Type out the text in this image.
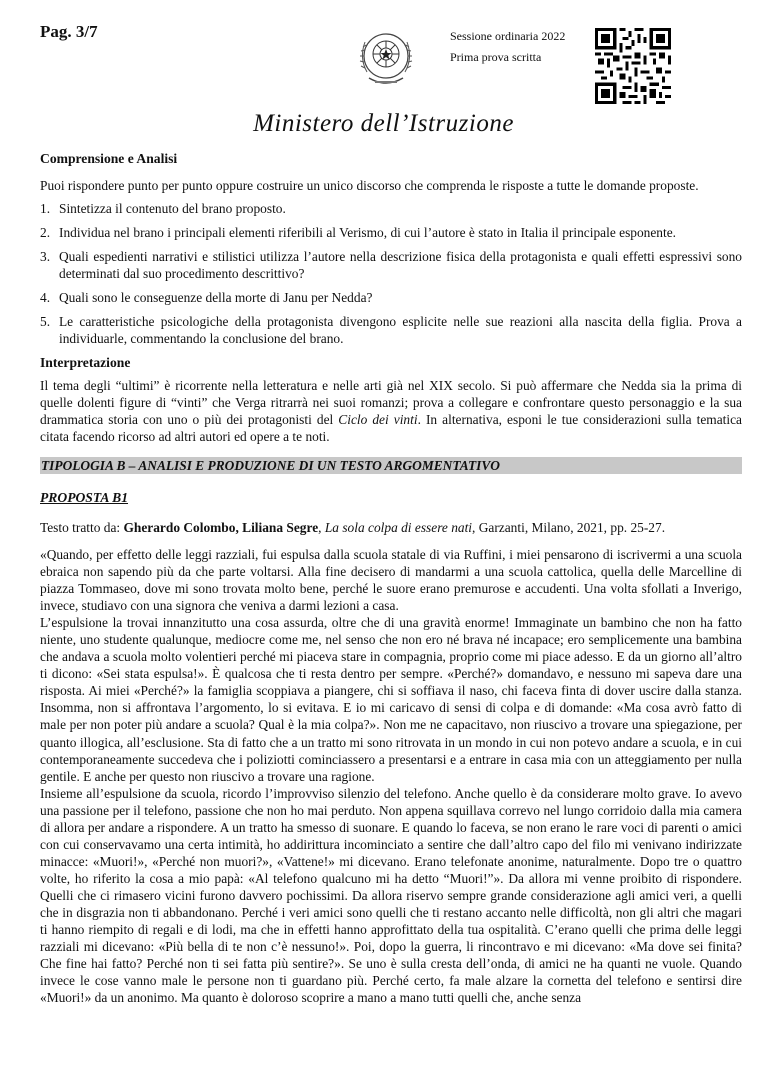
Pag. 3/7	Sessione ordinaria 2022
Prima prova scritta
Ministero dell’Istruzione
Comprensione e Analisi

Puoi rispondere punto per punto oppure costruire un unico discorso che comprenda le risposte a tutte le domande proposte.

1. Sintetizza il contenuto del brano proposto.
2. Individua nel brano i principali elementi riferibili al Verismo, di cui l’autore è stato in Italia il principale esponente.
3. Quali espedienti narrativi e stilistici utilizza l’autore nella descrizione fisica della protagonista e quali effetti espressivi sono determinati dal suo procedimento descrittivo?
4. Quali sono le conseguenze della morte di Janu per Nedda?
5. Le caratteristiche psicologiche della protagonista divengono esplicite nelle sue reazioni alla nascita della figlia. Prova a individuarle, commentando la conclusione del brano.
Interpretazione

Il tema degli “ultimi” è ricorrente nella letteratura e nelle arti già nel XIX secolo. Si può affermare che Nedda sia la prima di quelle dolenti figure di “vinti” che Verga ritrarrà nei suoi romanzi; prova a collegare e confrontare questo personaggio e la sua drammatica storia con uno o più dei protagonisti del Ciclo dei vinti. In alternativa, esponi le tue considerazioni sulla tematica citata facendo ricorso ad altri autori ed opere a te noti.

TIPOLOGIA B – ANALISI E PRODUZIONE DI UN TESTO ARGOMENTATIVO
PROPOSTA B1

Testo tratto da: Gherardo Colombo, Liliana Segre, La sola colpa di essere nati, Garzanti, Milano, 2021, pp. 25-27.

«Quando, per effetto delle leggi razziali, fui espulsa dalla scuola statale di via Ruffini, i miei pensarono di iscrivermi a una scuola ebraica non sapendo più da che parte voltarsi. Alla fine decisero di mandarmi a una scuola cattolica, quella delle Marcelline di piazza Tommaseo, dove mi sono trovata molto bene, perché le suore erano premurose e accudenti. Una volta sfollati a Inverigo, invece, studiavo con una signora che veniva a darmi lezioni a casa.

L’espulsione la trovai innanzitutto una cosa assurda, oltre che di una gravità enorme! Immaginate un bambino che non ha fatto niente, uno studente qualunque, mediocre come me, nel senso che non ero né brava né incapace; ero semplicemente una bambina che andava a scuola molto volentieri perché mi piaceva stare in compagnia, proprio come mi piace adesso. E da un giorno all’altro ti dicono: «Sei stata espulsa!». È qualcosa che ti resta dentro per sempre. «Perché?» domandavo, e nessuno mi sapeva dare una risposta. Ai miei «Perché?» la famiglia scoppiava a piangere, chi si soffiava il naso, chi faceva finta di dover uscire dalla stanza. Insomma, non si affrontava l’argomento, lo si evitava. E io mi caricavo di sensi di colpa e di domande: «Ma cosa avrò fatto di male per non poter più andare a scuola? Qual è la mia colpa?». Non me ne capacitavo, non riuscivo a trovare una spiegazione, per quanto illogica, all’esclusione. Sta di fatto che a un tratto mi sono ritrovata in un mondo in cui non potevo andare a scuola, e in cui contemporaneamente succedeva che i poliziotti cominciassero a presentarsi e a entrare in casa mia con un atteggiamento per nulla gentile. E anche per questo non riuscivo a trovare una ragione.

Insieme all’espulsione da scuola, ricordo l’improvviso silenzio del telefono. Anche quello è da considerare molto grave. Io avevo una passione per il telefono, passione che non ho mai perduto. Non appena squillava correvo nel lungo corridoio dalla mia camera di allora per andare a rispondere. A un tratto ha smesso di suonare. E quando lo faceva, se non erano le rare voci di parenti o amici con cui conservavamo una certa intimità, ho addirittura incominciato a sentire che dall’altro capo del filo mi venivano indirizzate minacce: «Muori!», «Perché non muori?», «Vattene!» mi dicevano. Erano telefonate anonime, naturalmente. Dopo tre o quattro volte, ho riferito la cosa a mio papà: «Al telefono qualcuno mi ha detto “Muori!”». Da allora mi venne proibito di rispondere. Quelli che ci rimasero vicini furono davvero pochissimi. Da allora riservo sempre grande considerazione agli amici veri, a quelli che in disgrazia non ti abbandonano. Perché i veri amici sono quelli che ti restano accanto nelle difficoltà, non gli altri che magari ti hanno riempito di regali e di lodi, ma che in effetti hanno approfittato della tua ospitalità. C’erano quelli che prima delle leggi razziali mi dicevano: «Più bella di te non c’è nessuno!». Poi, dopo la guerra, li rincontravo e mi dicevano: «Ma dove sei finita? Che fine hai fatto? Perché non ti sei fatta più sentire?». Se uno è sulla cresta dell’onda, di amici ne ha quanti ne vuole. Quando invece le cose vanno male le persone non ti guardano più. Perché certo, fa male alzare la cornetta del telefono e sentirsi dire «Muori!» da un anonimo. Ma quanto è doloroso scoprire a mano a mano tutti quelli che, anche senza
